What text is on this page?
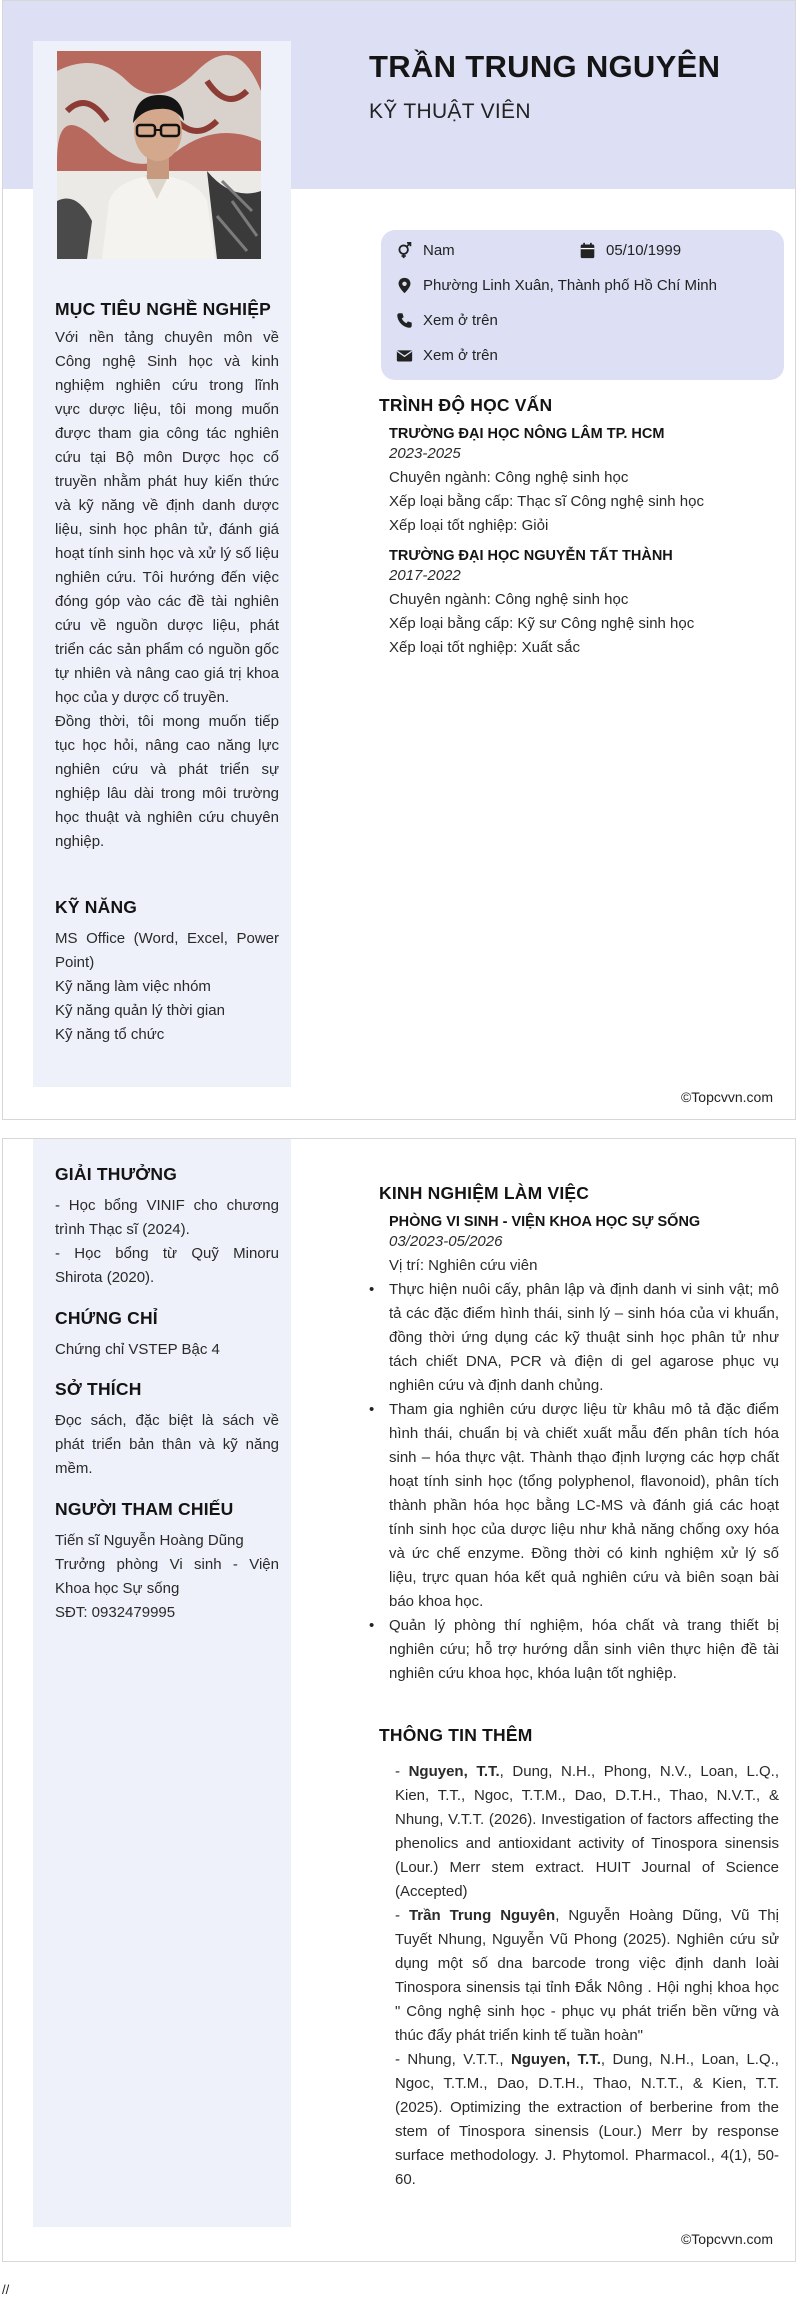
TRẦN TRUNG NGUYÊN
KỸ THUẬT VIÊN
Nam	05/10/1999
Phường Linh Xuân, Thành phố Hồ Chí Minh
Xem ở trên
Xem ở trên
MỤC TIÊU NGHỀ NGHIỆP
Với nền tảng chuyên môn về Công nghệ Sinh học và kinh nghiệm nghiên cứu trong lĩnh vực dược liệu, tôi mong muốn được tham gia công tác nghiên cứu tại Bộ môn Dược học cổ truyền nhằm phát huy kiến thức và kỹ năng về định danh dược liệu, sinh học phân tử, đánh giá hoạt tính sinh học và xử lý số liệu nghiên cứu. Tôi hướng đến việc đóng góp vào các đề tài nghiên cứu về nguồn dược liệu, phát triển các sản phẩm có nguồn gốc tự nhiên và nâng cao giá trị khoa học của y dược cổ truyền.
Đồng thời, tôi mong muốn tiếp tục học hỏi, nâng cao năng lực nghiên cứu và phát triển sự nghiệp lâu dài trong môi trường học thuật và nghiên cứu chuyên nghiệp.
KỸ NĂNG
MS Office (Word, Excel, Power Point)
Kỹ năng làm việc nhóm
Kỹ năng quản lý thời gian
Kỹ năng tổ chức
TRÌNH ĐỘ HỌC VẤN
TRƯỜNG ĐẠI HỌC NÔNG LÂM TP. HCM
2023-2025
Chuyên ngành: Công nghệ sinh học
Xếp loại bằng cấp: Thạc sĩ Công nghệ sinh học
Xếp loại tốt nghiệp: Giỏi
TRƯỜNG ĐẠI HỌC NGUYỄN TẤT THÀNH
2017-2022
Chuyên ngành: Công nghệ sinh học
Xếp loại bằng cấp: Kỹ sư Công nghệ sinh học
Xếp loại tốt nghiệp: Xuất sắc
©Topcvvn.com
GIẢI THƯỞNG
- Học bổng VINIF cho chương trình Thạc sĩ (2024).
- Học bổng từ Quỹ Minoru Shirota (2020).
CHỨNG CHỈ
Chứng chỉ VSTEP Bậc 4
SỞ THÍCH
Đọc sách, đặc biệt là sách về phát triển bản thân và kỹ năng mềm.
NGƯỜI THAM CHIẾU
Tiến sĩ Nguyễn Hoàng Dũng
Trưởng phòng Vi sinh - Viện Khoa học Sự sống
SĐT: 0932479995
KINH NGHIỆM LÀM VIỆC
PHÒNG VI SINH - VIỆN KHOA HỌC SỰ SỐNG
03/2023-05/2026
Vị trí: Nghiên cứu viên
• Thực hiện nuôi cấy, phân lập và định danh vi sinh vật; mô tả các đặc điểm hình thái, sinh lý – sinh hóa của vi khuẩn, đồng thời ứng dụng các kỹ thuật sinh học phân tử như tách chiết DNA, PCR và điện di gel agarose phục vụ nghiên cứu và định danh chủng.
• Tham gia nghiên cứu dược liệu từ khâu mô tả đặc điểm hình thái, chuẩn bị và chiết xuất mẫu đến phân tích hóa sinh – hóa thực vật. Thành thạo định lượng các hợp chất hoạt tính sinh học (tổng polyphenol, flavonoid), phân tích thành phần hóa học bằng LC-MS và đánh giá các hoạt tính sinh học của dược liệu như khả năng chống oxy hóa và ức chế enzyme. Đồng thời có kinh nghiệm xử lý số liệu, trực quan hóa kết quả nghiên cứu và biên soạn bài báo khoa học.
• Quản lý phòng thí nghiệm, hóa chất và trang thiết bị nghiên cứu; hỗ trợ hướng dẫn sinh viên thực hiện đề tài nghiên cứu khoa học, khóa luận tốt nghiệp.
THÔNG TIN THÊM
- Nguyen, T.T., Dung, N.H., Phong, N.V., Loan, L.Q., Kien, T.T., Ngoc, T.T.M., Dao, D.T.H., Thao, N.V.T., & Nhung, V.T.T. (2026). Investigation of factors affecting the phenolics and antioxidant activity of Tinospora sinensis (Lour.) Merr stem extract. HUIT Journal of Science (Accepted)
- Trần Trung Nguyên, Nguyễn Hoàng Dũng, Vũ Thị Tuyết Nhung, Nguyễn Vũ Phong (2025). Nghiên cứu sử dụng một số dna barcode trong việc định danh loài Tinospora sinensis tại tỉnh Đắk Nông . Hội nghị khoa học " Công nghệ sinh học - phục vụ phát triển bền vững và thúc đẩy phát triển kinh tế tuần hoàn"
- Nhung, V.T.T., Nguyen, T.T., Dung, N.H., Loan, L.Q., Ngoc, T.T.M., Dao, D.T.H., Thao, N.T.T., & Kien, T.T. (2025). Optimizing the extraction of berberine from the stem of Tinospora sinensis (Lour.) Merr by response surface methodology. J. Phytomol. Pharmacol., 4(1), 50-60.
©Topcvvn.com
//
